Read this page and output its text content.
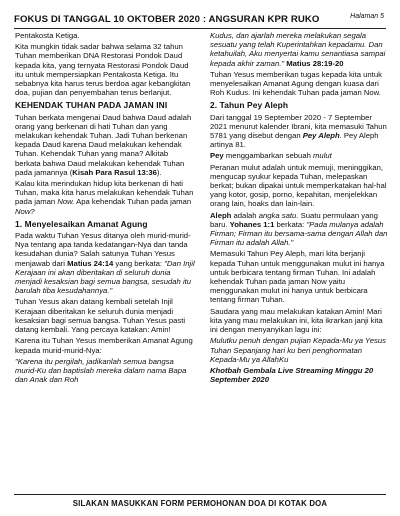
FOKUS DI TANGGAL 10 OKTOBER 2020 : ANGSURAN KPR RUKO	Halaman 5

Pentakosta Ketiga.

Kita mungkin tidak sadar bahwa selama 32 tahun Tuhan memberikan DNA Restorasi Pondok Daud kepada kita, yang ternyata Restorasi Pondok Daud itu untuk mempersiapkan Pentakosta Ketiga. Itu sebabnya kita harus terus berdoa agar kebangkitan doa, pujian dan penyembahan terus berlanjut.

KEHENDAK TUHAN PADA JAMAN INI

Tuhan berkata mengenai Daud bahwa Daud adalah orang yang berkenan di hati Tuhan dan yang melakukan kehendak Tuhan. Jadi Tuhan berkenan kepada Daud karena Daud melakukan kehendak Tuhan. Kehendak Tuhan yang mana? Alkitab berkata bahwa Daud melakukan kehendak Tuhan pada jamannya (Kisah Para Rasul 13:36).

Kalau kita merindukan hidup kita berkenan di hati Tuhan, maka kita harus melakukan kehendak Tuhan pada jaman Now. Apa kehendak Tuhan pada jaman Now?

1. Menyelesaikan Amanat Agung

Pada waktu Tuhan Yesus ditanya oleh murid-murid-Nya tentang apa tanda kedatangan-Nya dan tanda kesudahan dunia? Salah satunya Tuhan Yesus menjawab dari Matius 24:14 yang berkata: "Dan Injil Kerajaan ini akan diberitakan di seluruh dunia menjadi kesaksian bagi semua bangsa, sesudah itu barulah tiba kesudahannya."

Tuhan Yesus akan datang kembali setelah Injil Kerajaan diberitakan ke seluruh dunia menjadi kesaksian bagi semua bangsa. Tuhan Yesus pasti datang kembali. Yang percaya katakan: Amin!

Karena itu Tuhan Yesus memberikan Amanat Agung kepada murid-murid-Nya:

"Karena itu pergilah, jadikanlah semua bangsa murid-Ku dan baptislah mereka dalam nama Bapa dan Anak dan Roh

Kudus, dan ajarlah mereka melakukan segala sesuatu yang telah Kuperintahkan kepadamu. Dan ketahuilah, Aku menyertai kamu senantiasa sampai kepada akhir zaman." Matius 28:19-20

Tuhan Yesus memberikan tugas kepada kita untuk menyelesaikan Amanat Agung dengan kuasa dari Roh Kudus. Ini kehendak Tuhan pada jaman Now.

2. Tahun Pey Aleph

Dari tanggal 19 September 2020 - 7 September 2021 menurut kalender Ibrani, kita memasuki Tahun 5781 yang disebut dengan Pey Aleph. Pey Aleph artinya 81.

Pey menggambarkan sebuah mulut

Peranan mulut adalah untuk memuji, meninggikan, mengucap syukur kepada Tuhan, melepaskan berkat; bukan dipakai untuk memperkatakan hal-hal yang kotor, gosip, porno, kepahitan, menjelekkan orang lain, hoaks dan lain-lain.

Aleph adalah angka satu. Suatu permulaan yang baru. Yohanes 1:1 berkata: "Pada mulanya adalah Firman; Firman itu bersama-sama dengan Allah dan Firman itu adalah Allah."

Memasuki Tahun Pey Aleph, mari kita berjanji kepada Tuhan untuk menggunakan mulut ini hanya untuk berbicara tentang firman Tuhan. Ini adalah kehendak Tuhan pada jaman Now yaitu menggunakan mulut ini hanya untuk berbicara tentang firman Tuhan.

Saudara yang mau melakukan katakan Amin! Mari kita yang mau melakukan ini, kita ikrarkan janji kita ini dengan menyanyikan lagu ini:

Mulutku penuh dengan pujian Kepada-Mu ya Yesus Tuhan Sepanjang hari ku beri penghormatan Kepada-Mu ya AllahKu

Khotbah Gembala Live Streaming Minggu 20 September 2020

SILAKAN MASUKKAN FORM PERMOHONAN DOA DI KOTAK DOA
